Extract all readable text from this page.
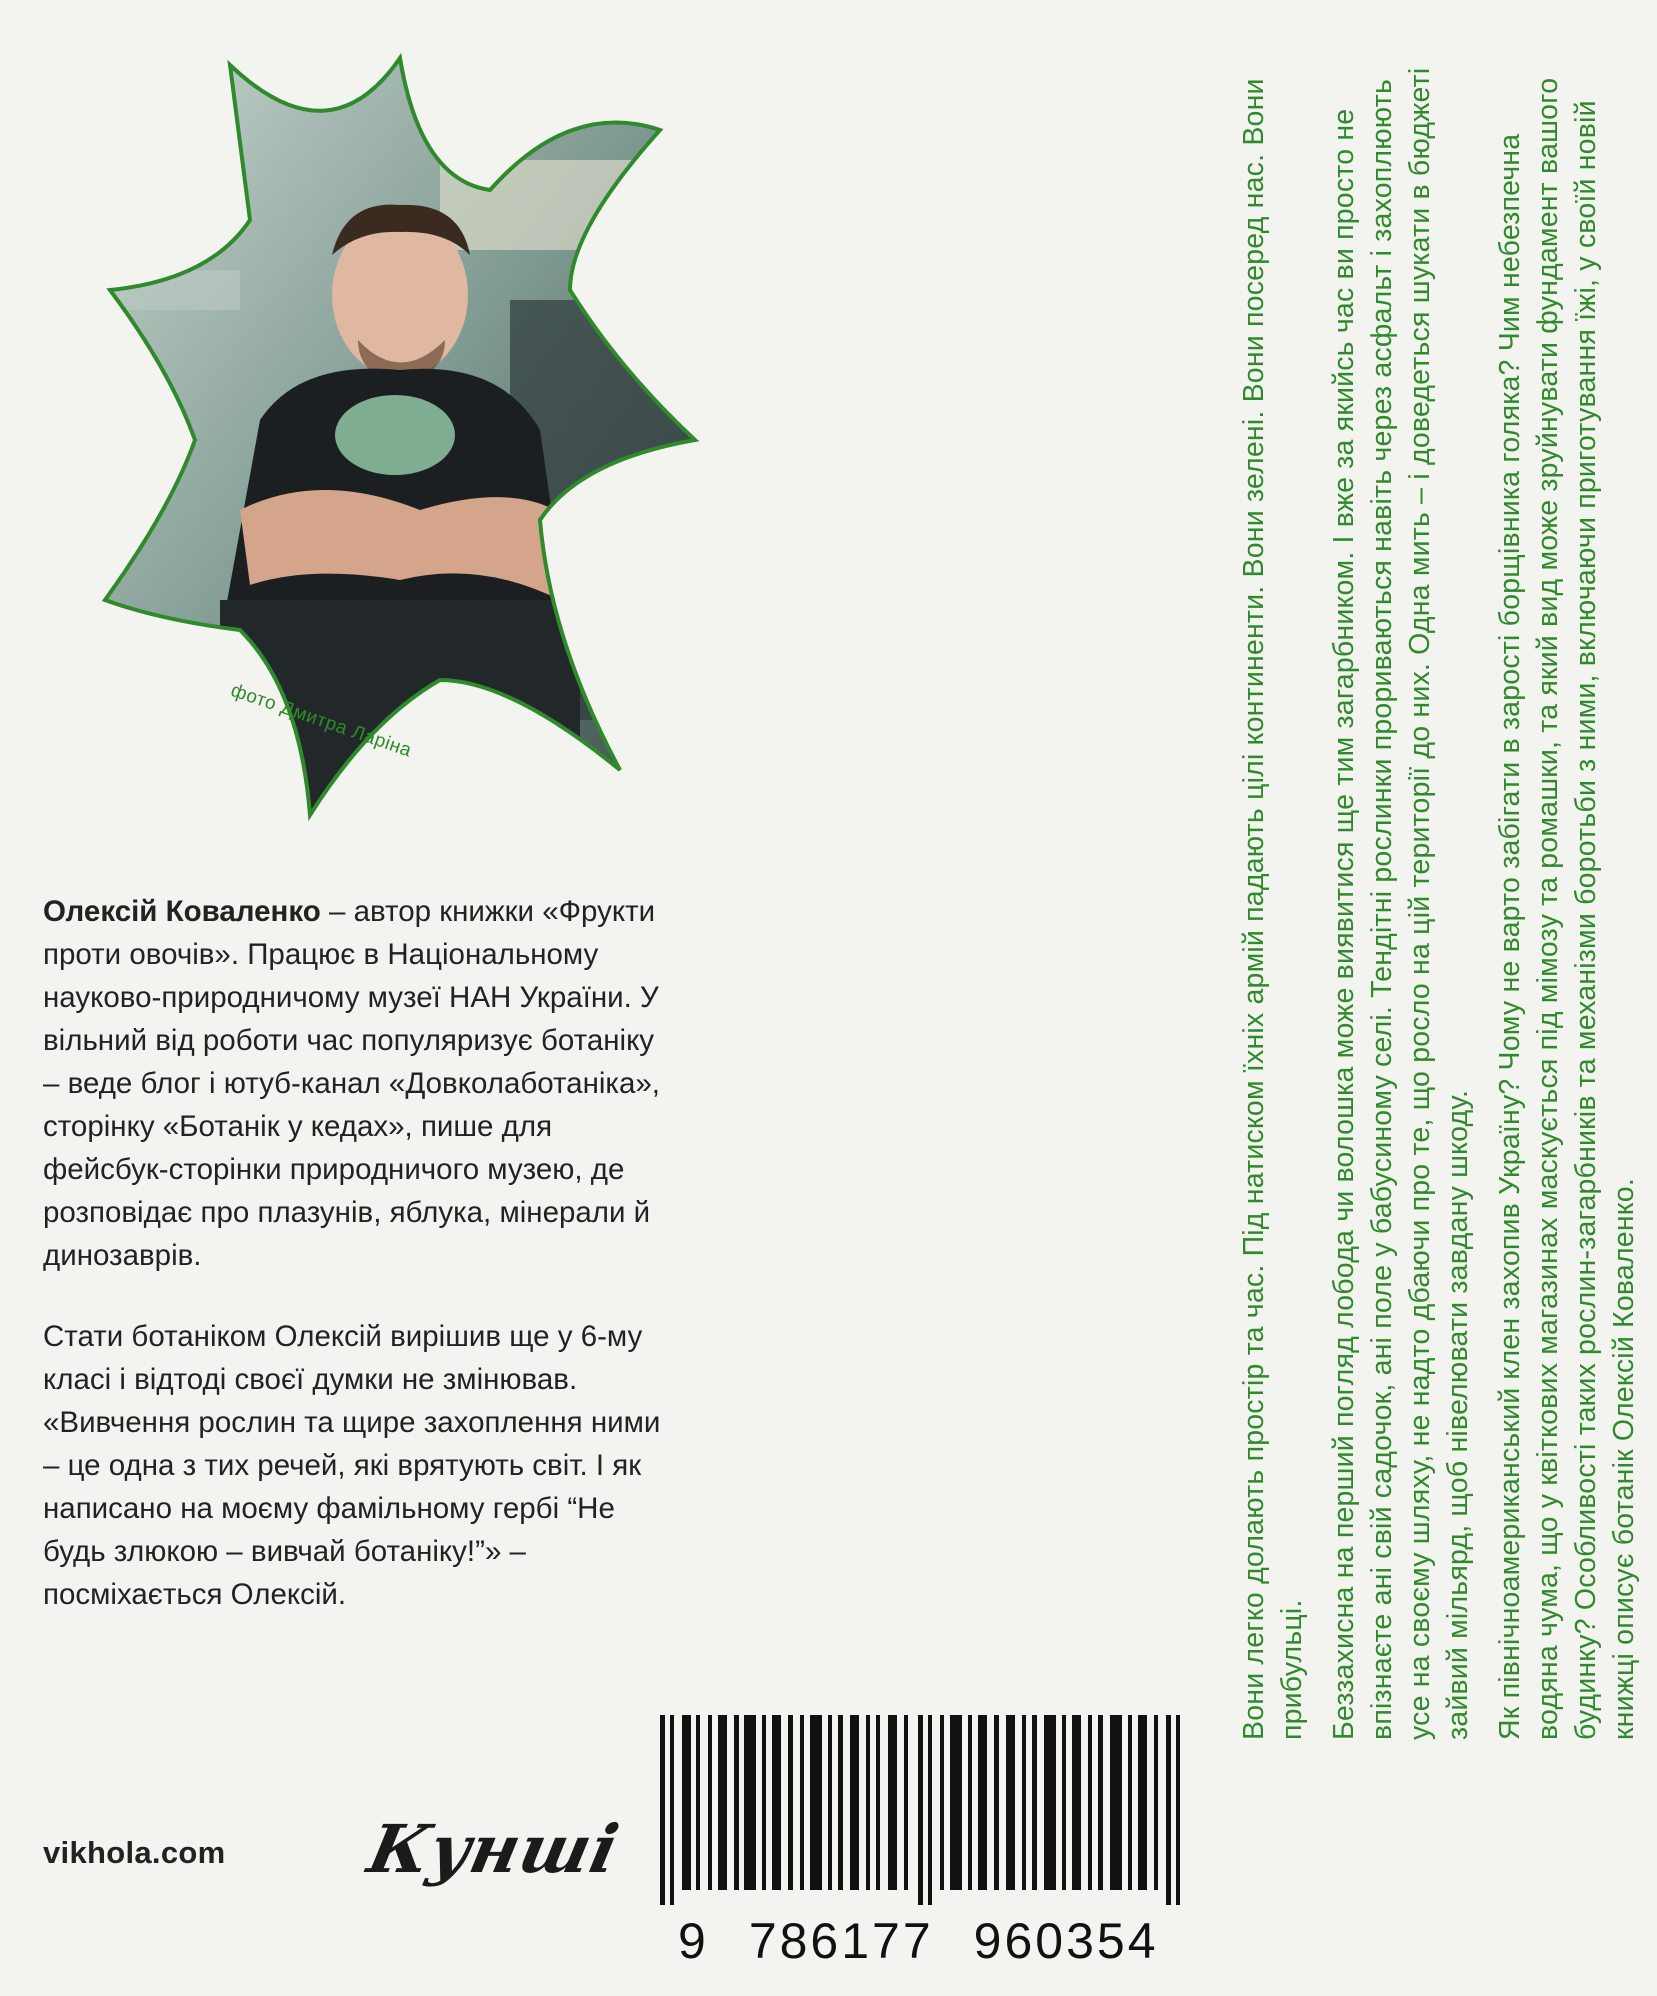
фото Дмитра Ларіна

Олексій Коваленко – автор книжки «Фрукти проти овочів». Працює в Національному науково-природничому музеї НАН України. У вільний від роботи час популяризує ботаніку – веде блог і ютуб-канал «Довколаботаніка», сторінку «Ботанік у кедах», пише для фейсбук-сторінки природничого музею, де розповідає про плазунів, яблука, мінерали й динозаврів.

Стати ботаніком Олексій вирішив ще у 6-му класі і відтоді своєї думки не змінював. «Вивчення рослин та щире захоплення ними – це одна з тих речей, які врятують світ. І як написано на моєму фамільному гербі “Не будь злюкою – вивчай ботаніку!”» – посміхається Олексій.

vikhola.com Кунші

Вони легко долають простір та час. Під натиском їхніх армій падають цілі континенти. Вони зелені. Вони посеред нас. Вони прибульці. Беззахисна на перший погляд лобода чи волошка може виявитися ще тим загарбником. І вже за якийсь час ви просто не впізнаєте ані свій садочок, ані поле у бабусиному селі. Тендітні рослинки прориваються навіть через асфальт і захоплюють усе на своєму шляху, не надто дбаючи про те, що росло на цій території до них. Одна мить – і доведеться шукати в бюджеті зайвий мільярд, щоб нівелювати завдану шкоду. Як північноамериканський клен захопив Україну? Чому не варто забігати в зарості борщівника голяка? Чим небезпечна водяна чума, що у квіткових магазинах маскується під мімозу та ромашки, та який вид може зруйнувати фундамент вашого будинку? Особливості таких рослин-загарбників та механізми боротьби з ними, включаючи приготування їжі, у своїй новій книжці описує ботанік Олексій Коваленко.

9 786177 960354
